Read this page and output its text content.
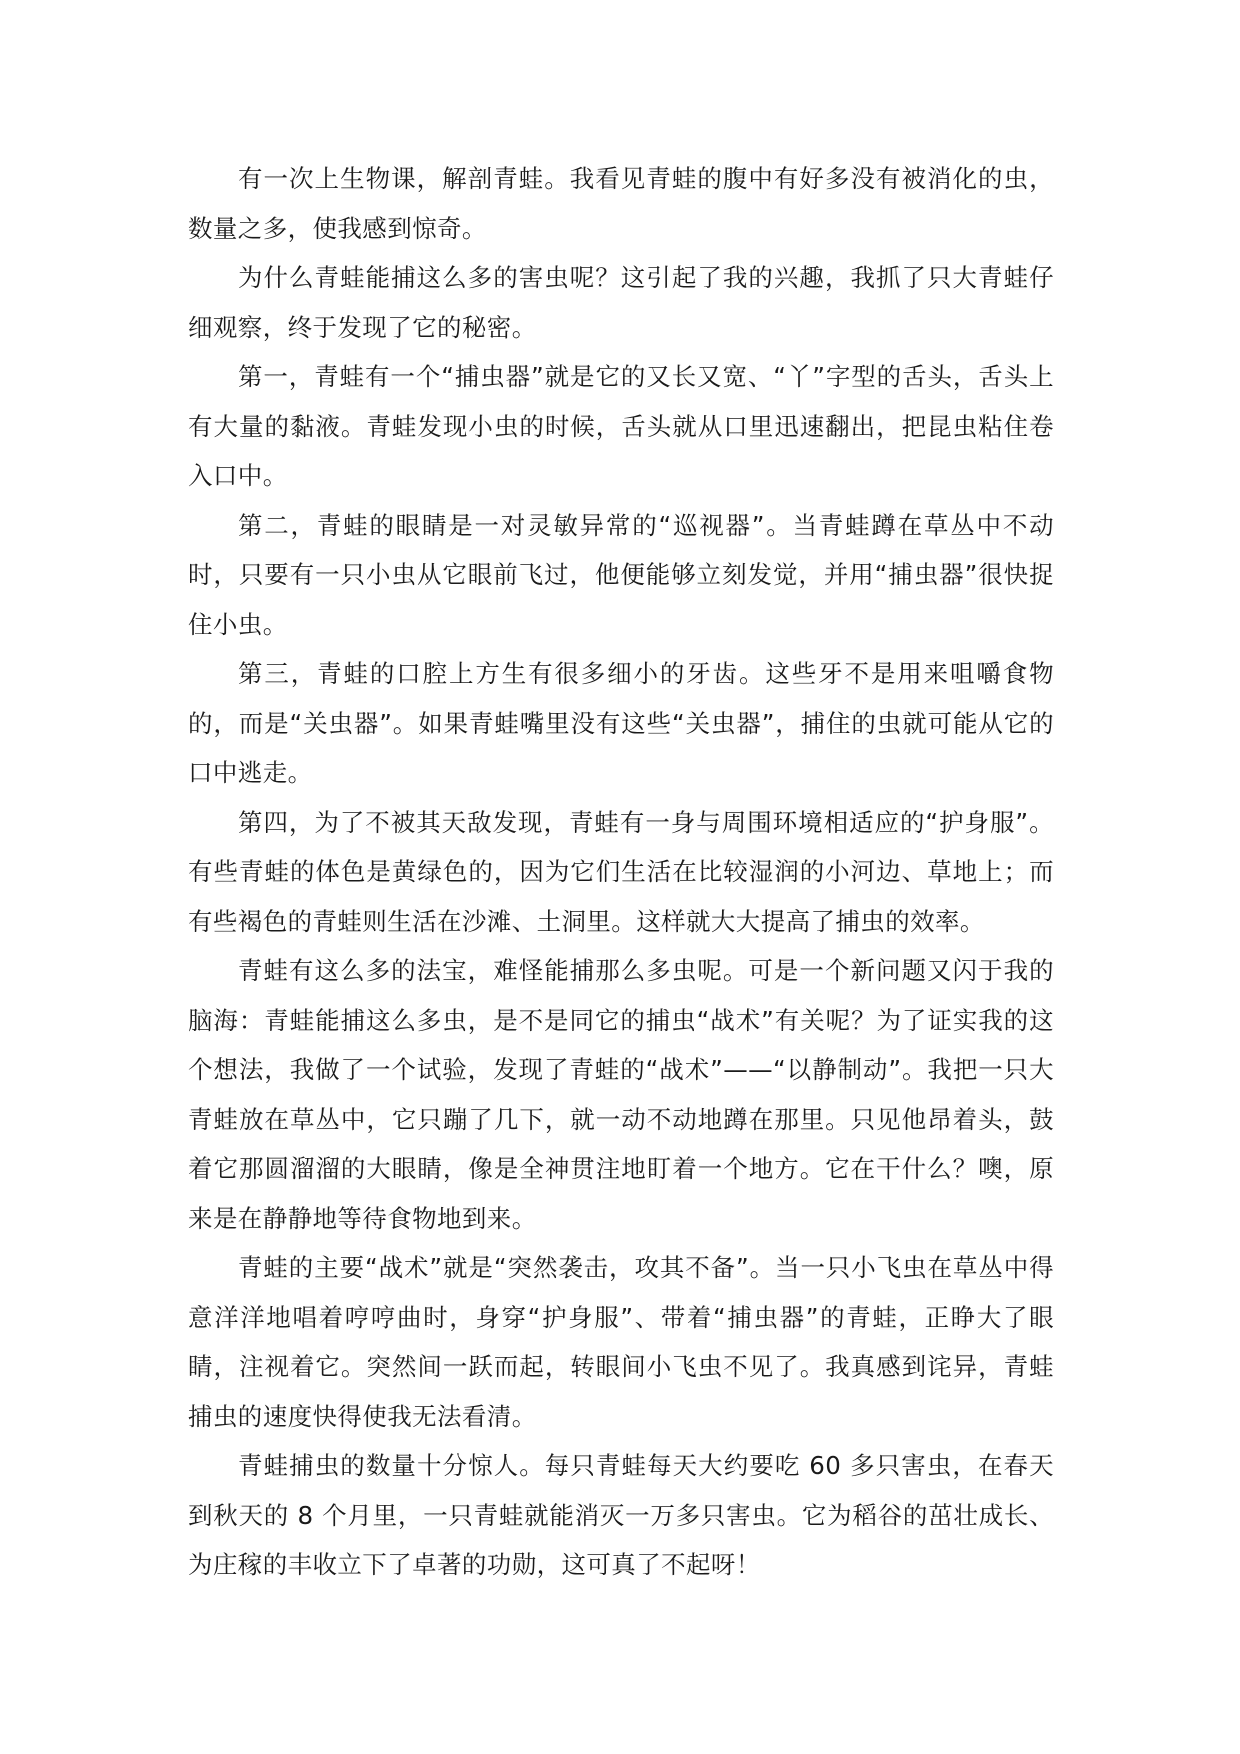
有一次上生物课，解剖青蛙。我看见青蛙的腹中有好多没有被消化的虫，数量之多，使我感到惊奇。

为什么青蛙能捕这么多的害虫呢？这引起了我的兴趣，我抓了只大青蛙仔细观察，终于发现了它的秘密。

第一，青蛙有一个“捕虫器”就是它的又长又宽、“丫”字型的舌头，舌头上有大量的黏液。青蛙发现小虫的时候，舌头就从口里迅速翻出，把昆虫粘住卷入口中。

第二，青蛙的眼睛是一对灵敏异常的“巡视器”。当青蛙蹲在草丛中不动时，只要有一只小虫从它眼前飞过，他便能够立刻发觉，并用“捕虫器”很快捉住小虫。

第三，青蛙的口腔上方生有很多细小的牙齿。这些牙不是用来咀嚼食物的，而是“关虫器”。如果青蛙嘴里没有这些“关虫器”，捕住的虫就可能从它的口中逃走。

第四，为了不被其天敌发现，青蛙有一身与周围环境相适应的“护身服”。有些青蛙的体色是黄绿色的，因为它们生活在比较湿润的小河边、草地上；而有些褐色的青蛙则生活在沙滩、土洞里。这样就大大提高了捕虫的效率。

青蛙有这么多的法宝，难怪能捕那么多虫呢。可是一个新问题又闪于我的脑海：青蛙能捕这么多虫，是不是同它的捕虫“战术”有关呢？为了证实我的这个想法，我做了一个试验，发现了青蛙的“战术”——“以静制动”。我把一只大青蛙放在草丛中，它只蹦了几下，就一动不动地蹲在那里。只见他昂着头，鼓着它那圆溜溜的大眼睛，像是全神贯注地盯着一个地方。它在干什么？噢，原来是在静静地等待食物地到来。

青蛙的主要“战术”就是“突然袭击，攻其不备”。当一只小飞虫在草丛中得意洋洋地唱着哼哼曲时，身穿“护身服”、带着“捕虫器”的青蛙，正睁大了眼睛，注视着它。突然间一跃而起，转眼间小飞虫不见了。我真感到诧异，青蛙捕虫的速度快得使我无法看清。

青蛙捕虫的数量十分惊人。每只青蛙每天大约要吃 60 多只害虫，在春天到秋天的 8 个月里，一只青蛙就能消灭一万多只害虫。它为稻谷的茁壮成长、为庄稼的丰收立下了卓著的功勋，这可真了不起呀！
